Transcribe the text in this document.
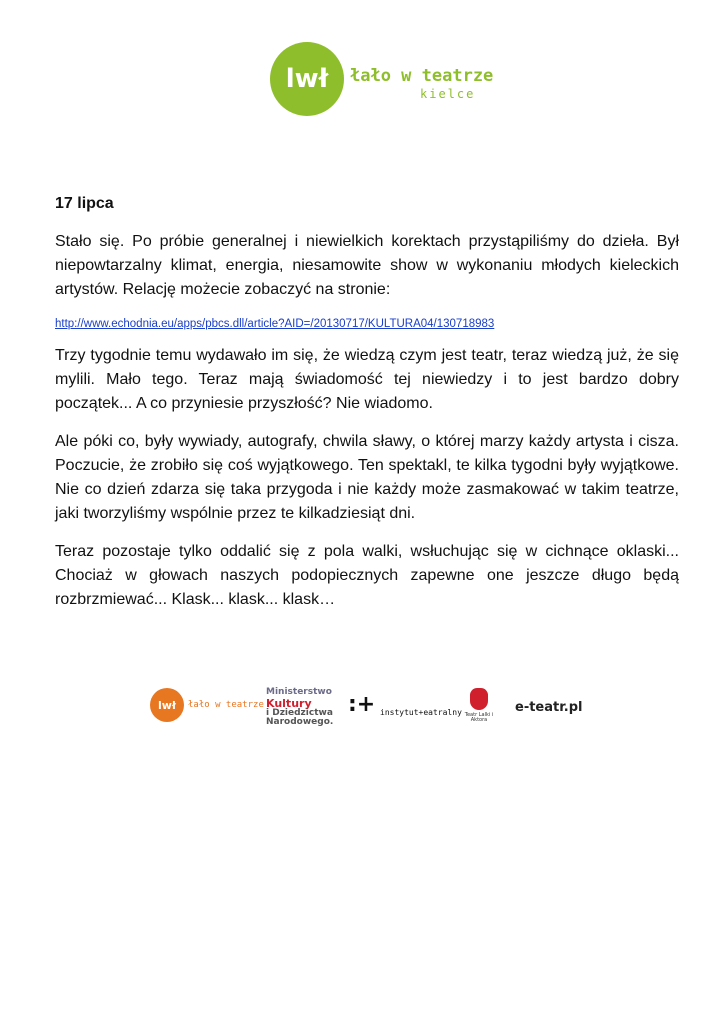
lwł	łało w teatrze
kielce
17 lipca

Stało się. Po próbie generalnej i niewielkich korektach przystąpiliśmy do dzieła. Był niepowtarzalny klimat, energia, niesamowite show w wykonaniu młodych kieleckich artystów. Relację możecie zobaczyć na stronie:

http://www.echodnia.eu/apps/pbcs.dll/article?AID=/20130717/KULTURA04/130718983

Trzy tygodnie temu wydawało im się, że wiedzą czym jest teatr, teraz wiedzą już, że się mylili. Mało tego. Teraz mają świadomość tej niewiedzy i to jest bardzo dobry początek... A co przyniesie przyszłość? Nie wiadomo.

Ale póki co, były wywiady, autografy, chwila sławy, o której marzy każdy artysta i cisza. Poczucie, że zrobiło się coś wyjątkowego. Ten spektakl, te kilka tygodni były wyjątkowe. Nie co dzień zdarza się taka przygoda i nie każdy może zasmakować w takim teatrze, jaki tworzyliśmy wspólnie przez te kilkadziesiąt dni.

Teraz pozostaje tylko oddalić się z pola walki, wsłuchując się w cichnące oklaski... Chociaż w głowach naszych podopiecznych zapewne one jeszcze długo będą rozbrzmiewać... Klask... klask... klask…

lwł	łało w teatrze
Ministerstwo
Kultury
i Dziedzictwa
Narodowego.
:+ instytut+eatralny Teatr Lalki i Aktora
e-teatr.pl
